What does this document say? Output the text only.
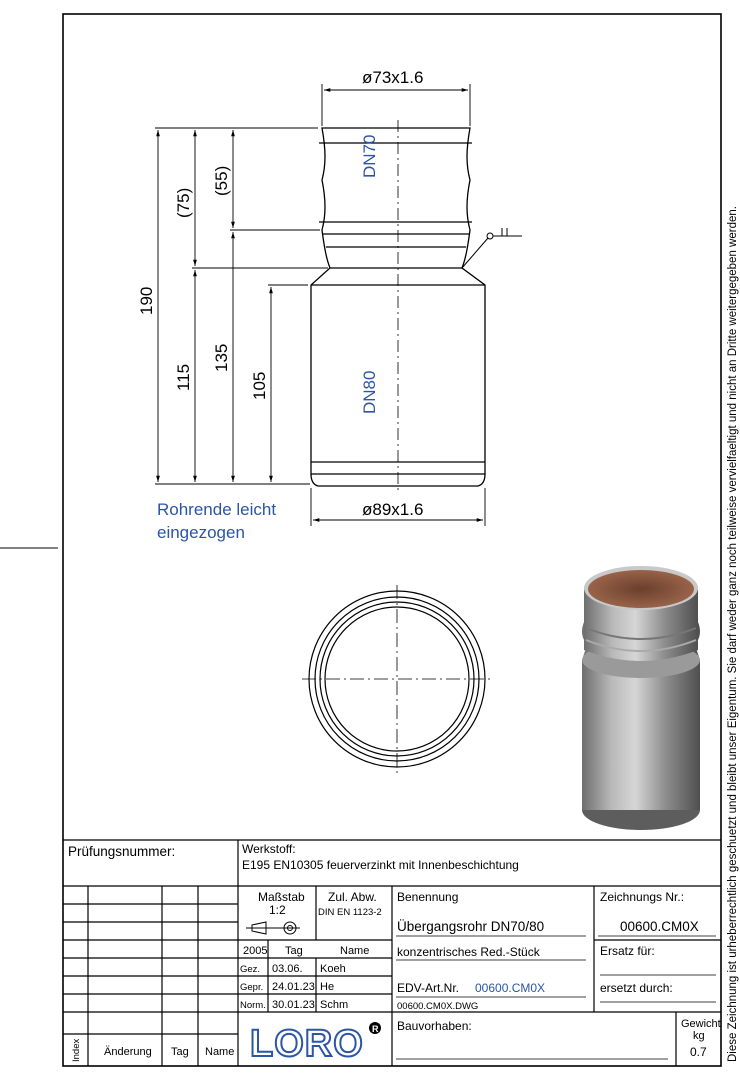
Diese Zeichnung ist urheberrechtlich geschuetzt und bleibt unser Eigentum. Sie darf weder ganz noch teilweise vervielfaeltigt und nicht an Dritte weitergegeben werden.
DN70
DN80
ø73x1.6
ø89x1.6
190
(75)
115
(55)
135
105
Rohrende leicht
eingezogen
Prüfungsnummer:	Werkstoff:
E195 EN10305 feuerverzinkt mit Innenbeschichtung
Maßstab
1:2
Zul. Abw.
DIN EN 1123-2
2005 Tag	Name
Gez. 03.06. Koeh
Gepr. 24.01.23 He
Norm. 30.01.23 Schm
LORO R
Benennung
Übergangsrohr DN70/80
konzentrisches Red.-Stück
EDV-Art.Nr. 00600.CM0X
00600.CM0X.DWG
Zeichnungs Nr.:
00600.CM0X
Ersatz für:
ersetzt durch:
Bauvorhaben:	Gewicht
kg
0.7
Index Änderung Tag Name
